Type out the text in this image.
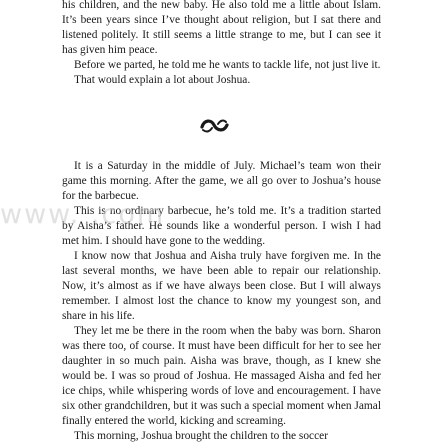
his children, and the new baby. He also told me a little about Islam. It’s been years since I’ve thought about religion, but I sat there and listened politely. It still seems a little strange to me, but I can see it has given him peace.

Before we parted, he told me he wants to tackle life, not just live it.

That would explain a lot about Joshua.

It is a Saturday in the middle of July. Michael’s team won their game this morning. After the game, we all go over to Joshua’s house for the barbecue.

This is no ordinary barbecue, he’s told me. It’s a tradition started by Aisha’s father. He sounds like a wonderful person. I wish I had met him. I should have gone to the wedding.

I know now that Joshua and Aisha truly have forgiven me. In the last several months, we have been able to repair our relationship. Now, it’s almost as if we have always been close. But I will always remember. I almost lost the chance to know my youngest son, and share in his life.

They let me be there in the room when the baby was born. Sharon was there too, of course. It must have been difficult for her to see her daughter in so much pain. Aisha was brave, though, as I knew she would be. I was so proud of Joshua. He massaged Aisha and fed her ice chips, while whispering words of love and encouragement. I have six other grandchildren, but it was such a special moment when Jamal finally entered the world, kicking and screaming.

This morning, Joshua brought the children to the soccer

www. .com
